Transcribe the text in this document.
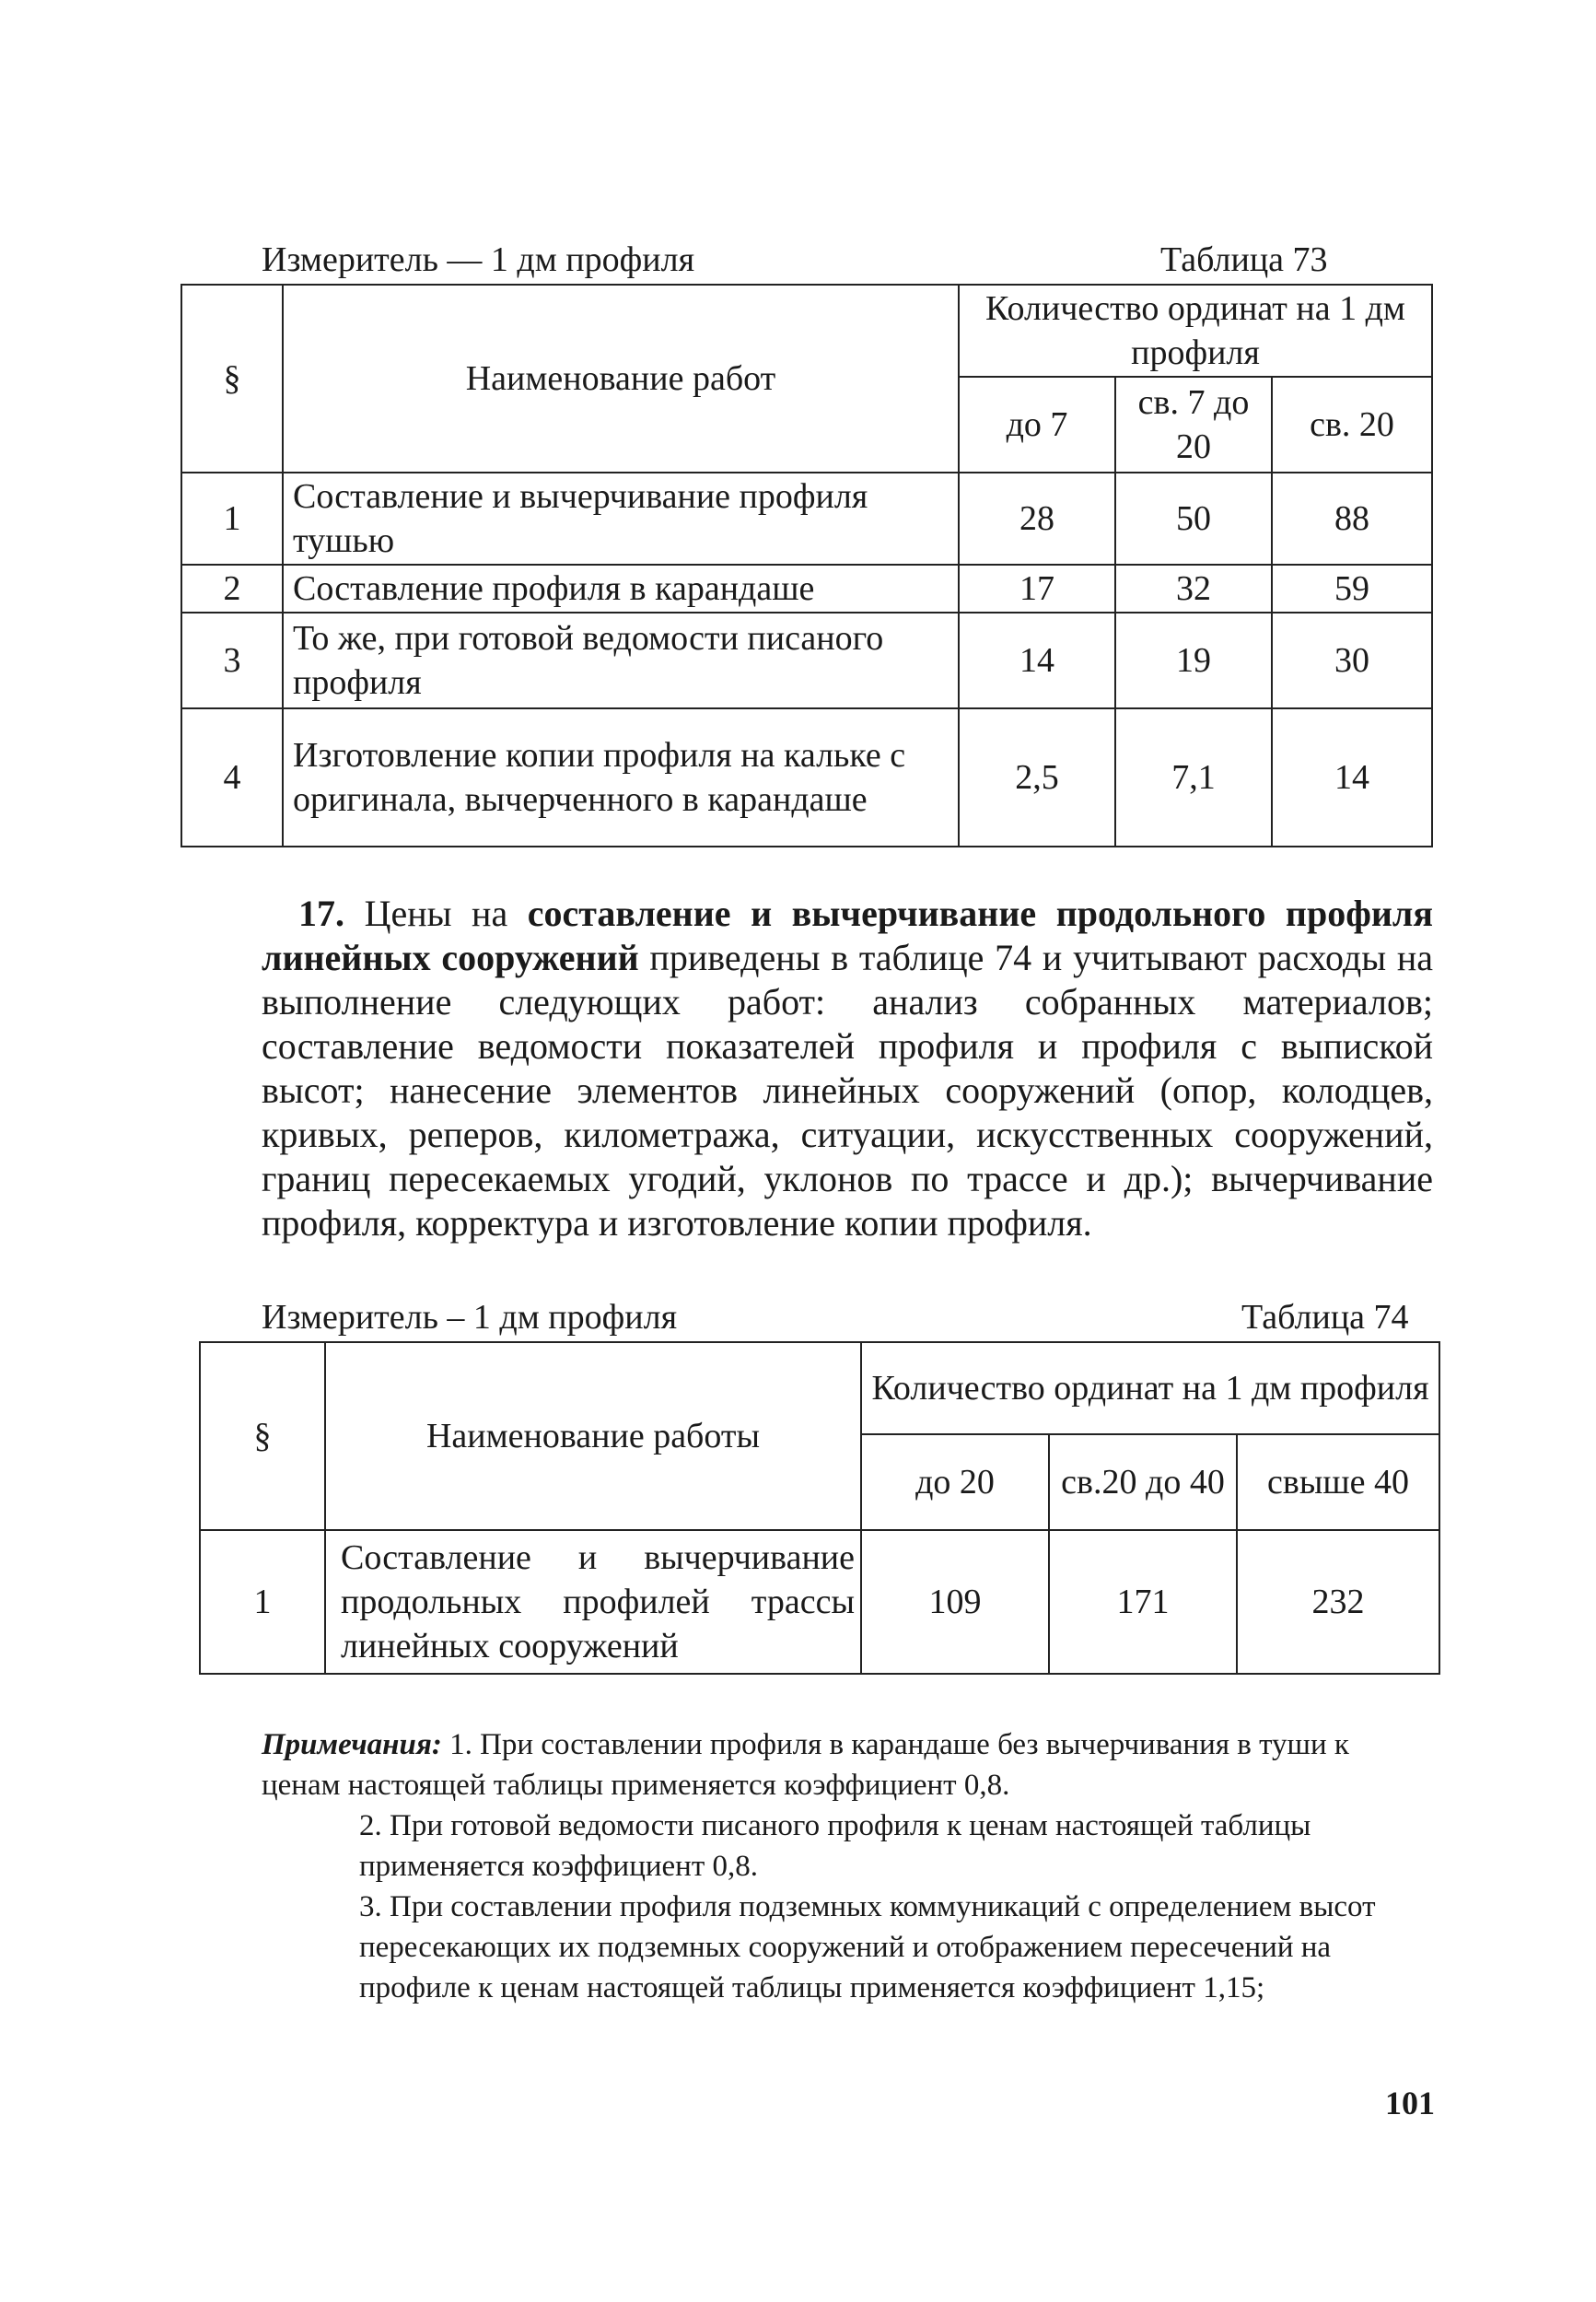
Измеритель — 1 дм профиля	Таблица 73
§	Наименование работ	Количество ординат на 1 дм профиля		
		до 7	св. 7 до 20	св. 20
1	Составление и вычерчивание профиля тушью	28	50	88
2	Составление профиля в карандаше	17	32	59
3	То же, при готовой ведомости писаного профиля	14	19	30
4	Изготовление копии профиля на кальке с оригинала, вычерченного в карандаше	2,5	7,1	14
17. Цены на составление и вычерчивание продольного профиля линейных сооружений приведены в таблице 74 и учитывают расходы на выполнение следующих работ: анализ собранных материалов; составление ведомости показателей профиля и профиля с выпиской высот; нанесение элементов линейных сооружений (опор, колодцев, кривых, реперов, километража, ситуации, искусственных сооружений, границ пересекаемых угодий, уклонов по трассе и др.); вычерчивание профиля, корректура и изготовление копии профиля.
Измеритель – 1 дм профиля	Таблица 74
§	Наименование работы	Количество ординат на 1 дм профиля		
		до 20	св.20 до 40	свыше 40
1	Составление и вычерчивание продольных профилей трассы линейных сооружений	109	171	232
Примечания: 1. При составлении профиля в карандаше без вычерчивания в туши к ценам настоящей таблицы применяется коэффициент 0,8.
2. При готовой ведомости писаного профиля к ценам настоящей таблицы применяется коэффициент 0,8.
3. При составлении профиля подземных коммуникаций с определением высот пересекающих их подземных сооружений и отображением пересечений на профиле к ценам настоящей таблицы применяется коэффициент 1,15;
101
